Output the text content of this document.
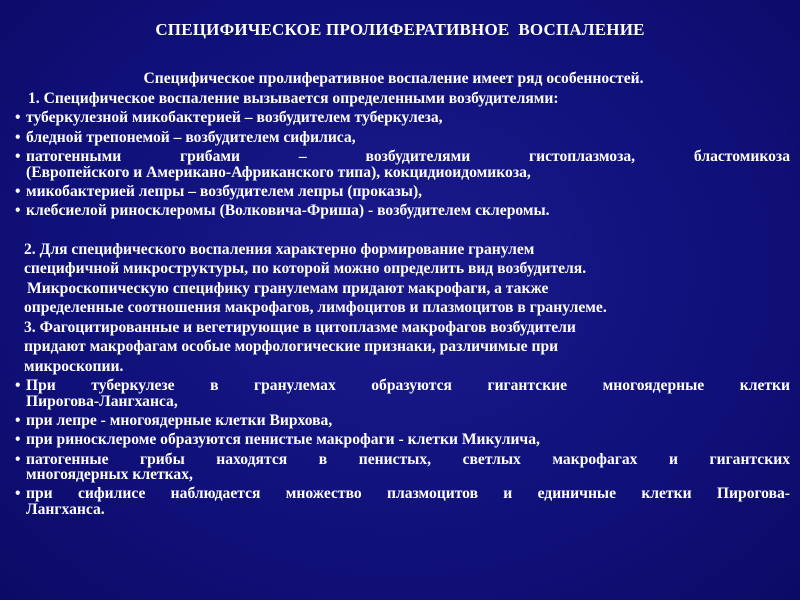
СПЕЦИФИЧЕСКОЕ ПРОЛИФЕРАТИВНОЕ  ВОСПАЛЕНИЕ
Специфическое пролиферативное воспаление имеет ряд особенностей.
1. Специфическое воспаление вызывается определенными возбудителями:
• туберкулезной микобактерией – возбудителем туберкулеза,
• бледной трепонемой – возбудителем сифилиса,
• патогенными грибами – возбудителями гистоплазмоза, бластомикоза
(Европейского и Американо-Африканского типа), кокцидиоидомикоза,
• микобактерией лепры – возбудителем лепры (проказы),
• клебсиелой риносклеромы (Волковича-Фриша) - возбудителем склеромы.
2. Для специфического воспаления характерно формирование гранулем
специфичной микроструктуры, по которой можно определить вид возбудителя.
Микроскопическую специфику гранулемам придают макрофаги, а также
определенные соотношения макрофагов, лимфоцитов и плазмоцитов в гранулеме.
3. Фагоцитированные и вегетирующие в цитоплазме макрофагов возбудители
придают макрофагам особые морфологические признаки, различимые при
микроскопии.
• При туберкулезе в гранулемах образуются гигантские многоядерные клетки
Пирогова-Лангханса,
• при лепре - многоядерные клетки Вирхова,
• при риносклероме образуются пенистые макрофаги - клетки Микулича,
• патогенные грибы находятся в пенистых, светлых макрофагах и гигантских
многоядерных клетках,
• при сифилисе наблюдается множество плазмоцитов и единичные клетки Пирогова-
Лангханса.
